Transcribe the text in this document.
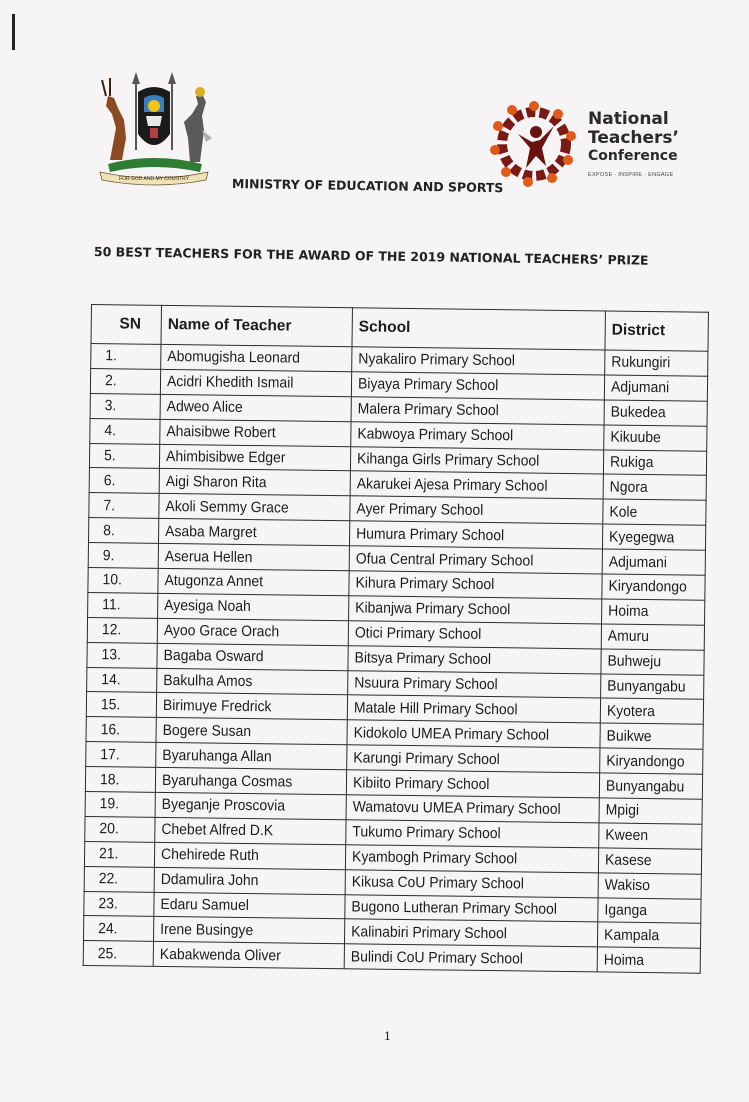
FOR GOD AND MY COUNTRY
National
Teachers’
Conference
EXPOSE · INSPIRE · ENGAGE
MINISTRY OF EDUCATION AND SPORTS
50 BEST TEACHERS FOR THE AWARD OF THE 2019 NATIONAL TEACHERS’ PRIZE
SN	Name of Teacher	School	District
1.	Abomugisha Leonard	Nyakaliro Primary School	Rukungiri
2.	Acidri Khedith Ismail	Biyaya Primary School	Adjumani
3.	Adweo Alice	Malera Primary School	Bukedea
4.	Ahaisibwe Robert	Kabwoya Primary School	Kikuube
5.	Ahimbisibwe Edger	Kihanga Girls Primary School	Rukiga
6.	Aigi Sharon Rita	Akarukei Ajesa Primary School	Ngora
7.	Akoli Semmy Grace	Ayer Primary School	Kole
8.	Asaba Margret	Humura Primary School	Kyegegwa
9.	Aserua Hellen	Ofua Central Primary School	Adjumani
10.	Atugonza Annet	Kihura Primary School	Kiryandongo
11.	Ayesiga Noah	Kibanjwa Primary School	Hoima
12.	Ayoo Grace Orach	Otici Primary School	Amuru
13.	Bagaba Osward	Bitsya Primary School	Buhweju
14.	Bakulha Amos	Nsuura Primary School	Bunyangabu
15.	Birimuye Fredrick	Matale Hill Primary School	Kyotera
16.	Bogere Susan	Kidokolo UMEA Primary School	Buikwe
17.	Byaruhanga Allan	Karungi Primary School	Kiryandongo
18.	Byaruhanga Cosmas	Kibiito Primary School	Bunyangabu
19.	Byeganje Proscovia	Wamatovu UMEA Primary School	Mpigi
20.	Chebet Alfred D.K	Tukumo Primary School	Kween
21.	Chehirede Ruth	Kyambogh Primary School	Kasese
22.	Ddamulira John	Kikusa CoU Primary School	Wakiso
23.	Edaru Samuel	Bugono Lutheran Primary School	Iganga
24.	Irene Busingye	Kalinabiri Primary School	Kampala
25.	Kabakwenda Oliver	Bulindi CoU Primary School	Hoima
1
